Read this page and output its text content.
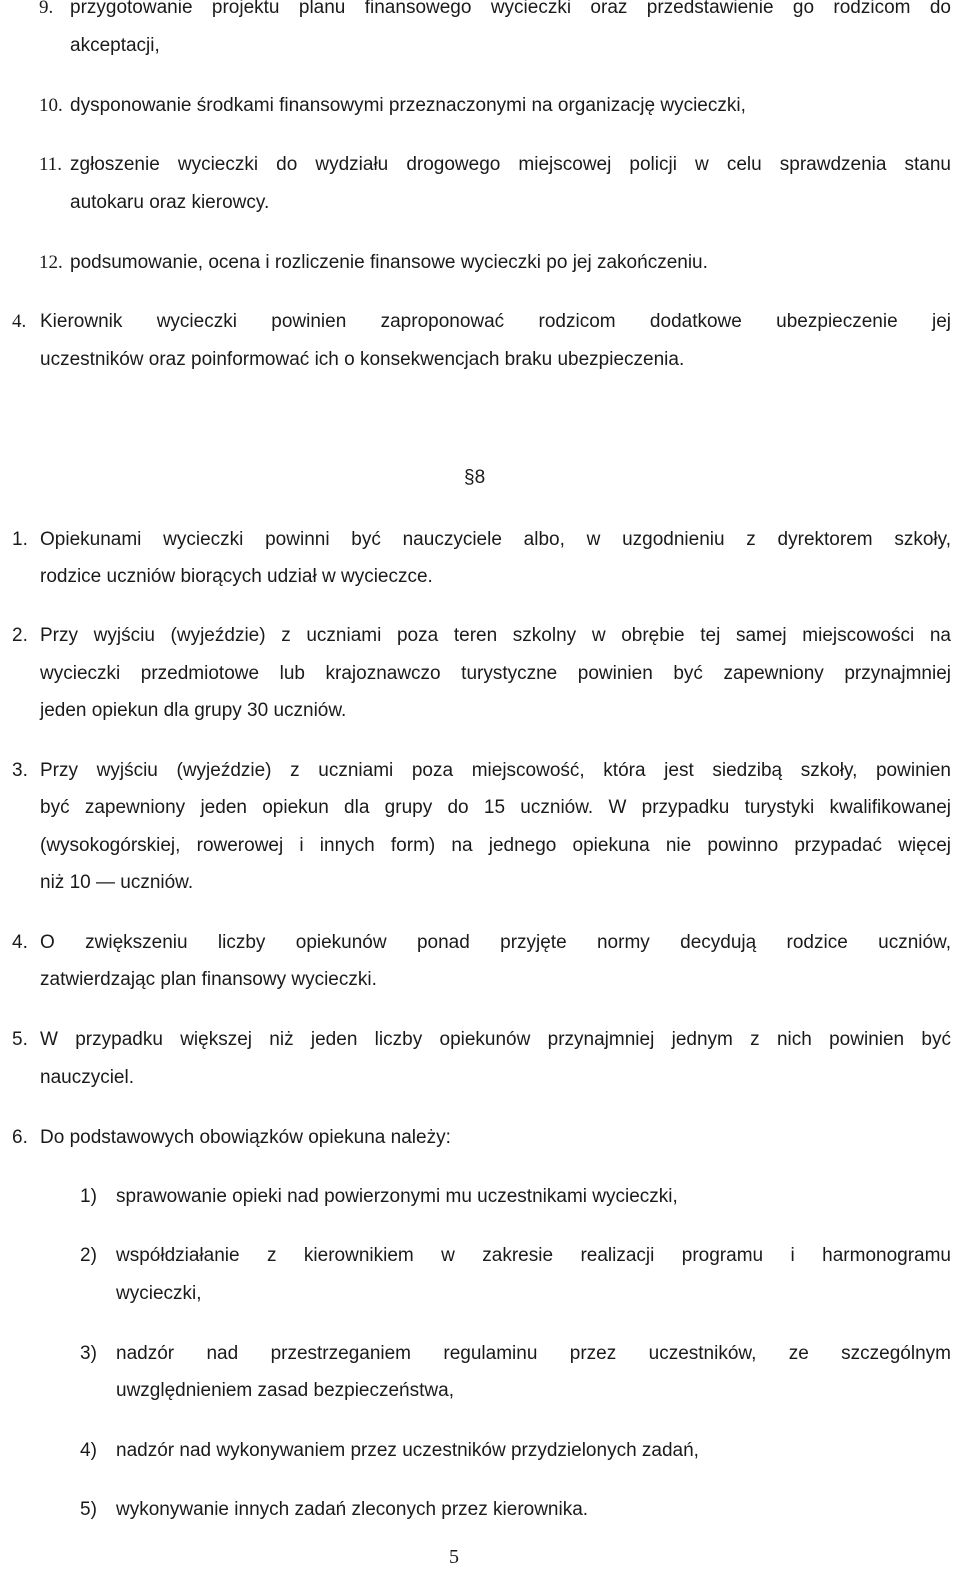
9. przygotowanie projektu planu finansowego wycieczki oraz przedstawienie go rodzicom do
akceptacji,
10. dysponowanie środkami finansowymi przeznaczonymi na organizację wycieczki,
11. zgłoszenie wycieczki do wydziału drogowego miejscowej policji w celu sprawdzenia stanu
autokaru oraz kierowcy.
12. podsumowanie, ocena i rozliczenie finansowe wycieczki po jej zakończeniu.
4. Kierownik wycieczki powinien zaproponować rodzicom dodatkowe ubezpieczenie jej
uczestników oraz poinformować ich o konsekwencjach braku ubezpieczenia.
§8
1. Opiekunami wycieczki powinni być nauczyciele albo, w uzgodnieniu z dyrektorem szkoły,
rodzice uczniów biorących udział w wycieczce.
2. Przy wyjściu (wyjeździe) z uczniami poza teren szkolny w obrębie tej samej miejscowości na
wycieczki przedmiotowe lub krajoznawczo turystyczne powinien być zapewniony przynajmniej
jeden opiekun dla grupy 30 uczniów.
3. Przy wyjściu (wyjeździe) z uczniami poza miejscowość, która jest siedzibą szkoły, powinien
być zapewniony jeden opiekun dla grupy do 15 uczniów. W przypadku turystyki kwalifikowanej
(wysokogórskiej, rowerowej i innych form) na jednego opiekuna nie powinno przypadać więcej
niż 10 — uczniów.
4. O zwiększeniu liczby opiekunów ponad przyjęte normy decydują rodzice uczniów,
zatwierdzając plan finansowy wycieczki.
5. W przypadku większej niż jeden liczby opiekunów przynajmniej jednym z nich powinien być
nauczyciel.
6. Do podstawowych obowiązków opiekuna należy:
1) sprawowanie opieki nad powierzonymi mu uczestnikami wycieczki,
2) współdziałanie z kierownikiem w zakresie realizacji programu i harmonogramu
wycieczki,
3) nadzór nad przestrzeganiem regulaminu przez uczestników, ze szczególnym
uwzględnieniem zasad bezpieczeństwa,
4) nadzór nad wykonywaniem przez uczestników przydzielonych zadań,
5) wykonywanie innych zadań zleconych przez kierownika.
5
